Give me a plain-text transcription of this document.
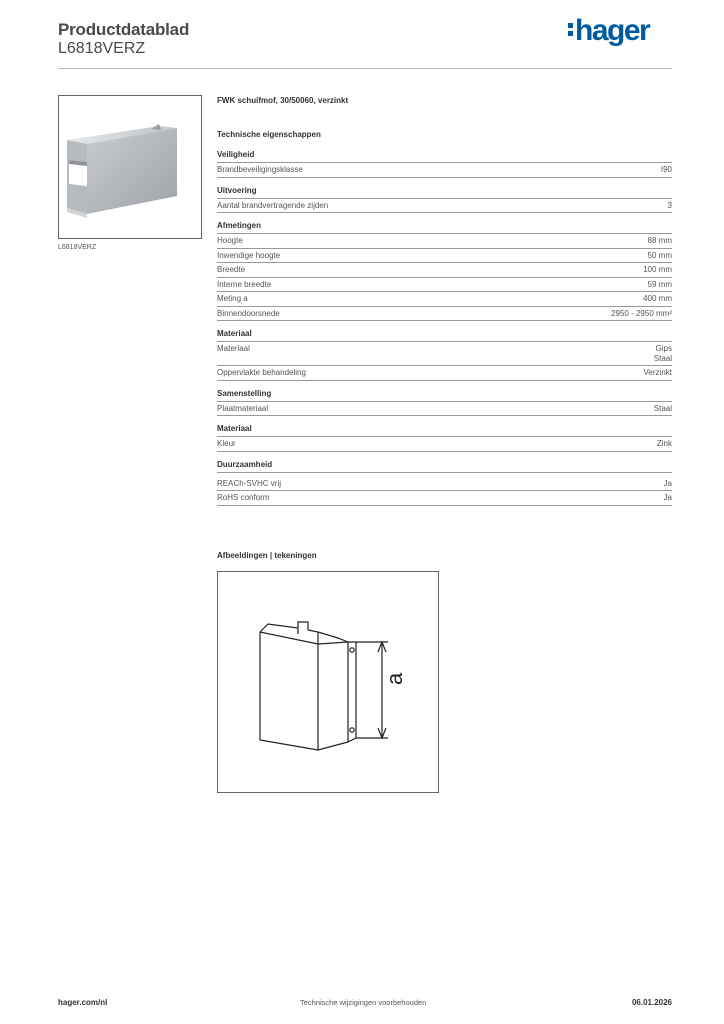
Productdatablad
L6818VERZ
hager
L6818VERZ
FWK schuifmof, 30/50060, verzinkt
Technische eigenschappen
Veiligheid
Brandbeveiligingsklasse	I90
Uitvoering
Aantal brandvertragende zijden	3
Afmetingen
Hoogte	88 mm
Inwendige hoogte	50 mm
Breedte	100 mm
Interne breedte	59 mm
Meting a	400 mm
Binnendoorsnede	2950 - 2950 mm²
Materiaal
Materiaal	Gips
Staal
Oppervlakte behandeling	Verzinkt
Samenstelling
Plaatmateriaal	Staal
Materiaal
Kleur	Zink
Duurzaamheid
REACh-SVHC vrij	Ja
RoHS conform	Ja
Afbeeldingen | tekeningen
a
hager.com/nl	Technische wijzigingen voorbehouden	06.01.2026
